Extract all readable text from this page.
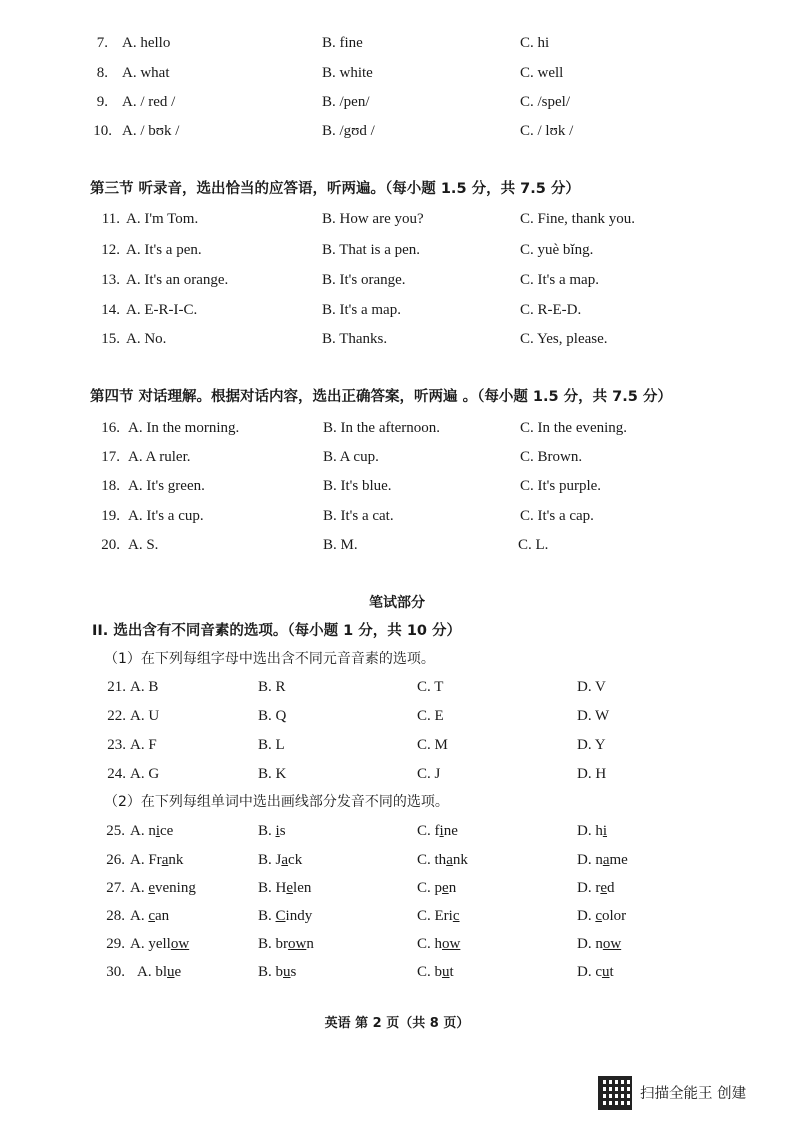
7. A. hello	B. fine	C. hi
8. A. what	B. white	C. well
9. A. / red /	B. /pen/	C. /spel/
10. A. / bʊk /	B. /gʊd /	C. / lʊk /
第三节 听录音，选出恰当的应答语，听两遍。（每小题 1.5 分，共 7.5 分）
11. A. I'm Tom.	B. How are you?	C. Fine, thank you.
12. A. It's a pen.	B. That is a pen.	C. yuè bǐng.
13. A. It's an orange.	B. It's orange.	C. It's a map.
14. A. E-R-I-C.	B. It's a map.	C. R-E-D.
15. A. No.	B. Thanks.	C. Yes, please.
第四节 对话理解。根据对话内容，选出正确答案，听两遍 。（每小题 1.5 分，共 7.5 分）
16. A. In the morning.	B. In the afternoon.	C. In the evening.
17. A. A ruler.	B. A cup.	C. Brown.
18. A. It's green.	B. It's blue.	C. It's purple.
19. A. It's a cup.	B. It's a cat.	C. It's a cap.
20. A. S.	B. M.	C. L.
笔试部分
II. 选出含有不同音素的选项。（每小题 1 分，共 10 分）
（1）在下列每组字母中选出含不同元音音素的选项。
21. A. B	B. R	C. T	D. V
22. A. U	B. Q	C. E	D. W
23. A. F	B. L	C. M	D. Y
24. A. G	B. K	C. J	D. H
（2）在下列每组单词中选出画线部分发音不同的选项。
25. A. nice	B. is	C. fine	D. hi
26. A. Frank	B. Jack	C. thank	D. name
27. A. evening	B. Helen	C. pen	D. red
28. A. can	B. Cindy	C. Eric	D. color
29. A. yellow	B. brown	C. how	D. now
30. A. blue	B. bus	C. but	D. cut
英语 第 2 页（共 8 页）
扫描全能王 创建
